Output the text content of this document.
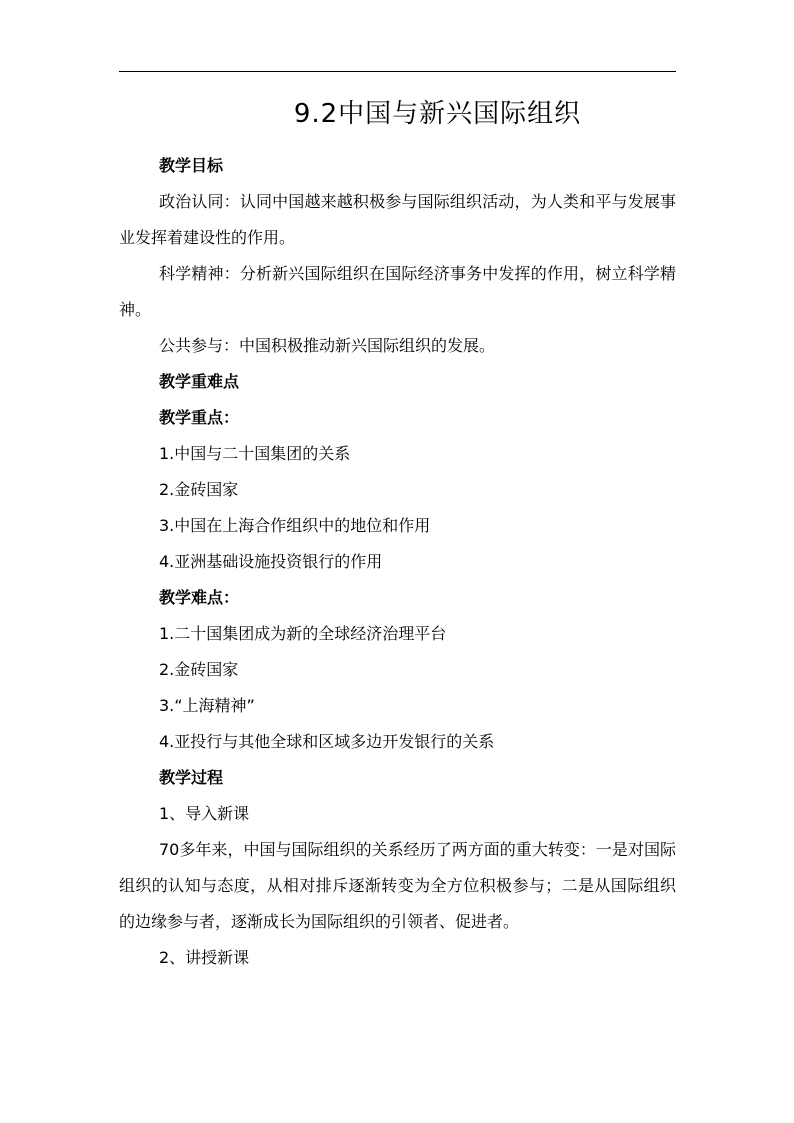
9.2中国与新兴国际组织

教学目标

政治认同：认同中国越来越积极参与国际组织活动，为人类和平与发展事业发挥着建设性的作用。

科学精神：分析新兴国际组织在国际经济事务中发挥的作用，树立科学精神。

公共参与：中国积极推动新兴国际组织的发展。

教学重难点

教学重点：

1.中国与二十国集团的关系

2.金砖国家

3.中国在上海合作组织中的地位和作用

4.亚洲基础设施投资银行的作用

教学难点：

1.二十国集团成为新的全球经济治理平台

2.金砖国家

3.“上海精神”

4.亚投行与其他全球和区域多边开发银行的关系

教学过程

1、导入新课

70多年来，中国与国际组织的关系经历了两方面的重大转变：一是对国际组织的认知与态度，从相对排斥逐渐转变为全方位积极参与；二是从国际组织的边缘参与者，逐渐成长为国际组织的引领者、促进者。

2、讲授新课
